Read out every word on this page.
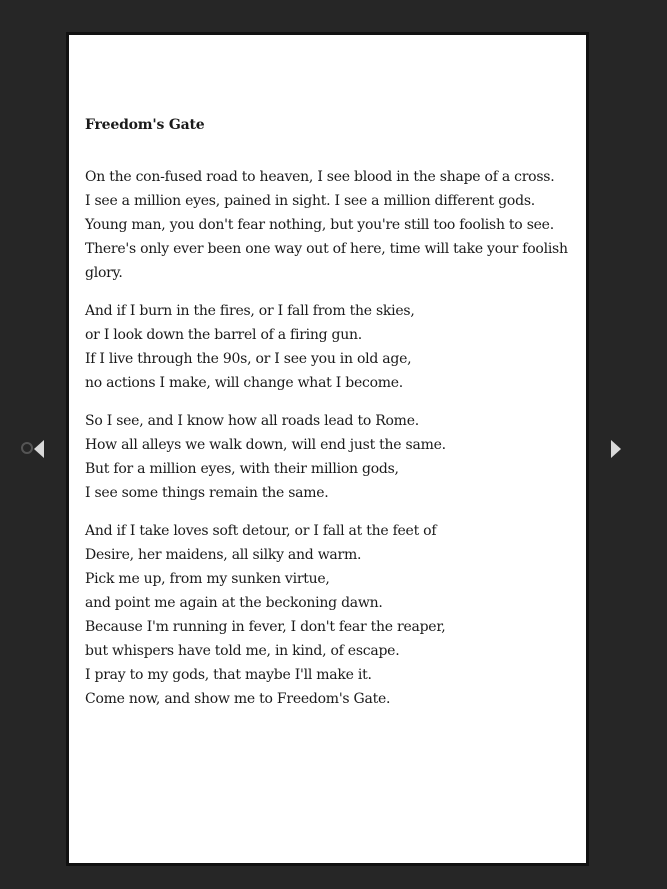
Freedom's Gate
On the con-fused road to heaven, I see blood in the shape of a cross.
I see a million eyes, pained in sight. I see a million different gods.
Young man, you don't fear nothing, but you're still too foolish to see.
There's only ever been one way out of here, time will take your foolish glory.
And if I burn in the fires, or I fall from the skies,
or I look down the barrel of a firing gun.
If I live through the 90s, or I see you in old age,
no actions I make, will change what I become.
So I see, and I know how all roads lead to Rome.
How all alleys we walk down, will end just the same.
But for a million eyes, with their million gods,
I see some things remain the same.
And if I take loves soft detour, or I fall at the feet of
Desire, her maidens, all silky and warm.
Pick me up, from my sunken virtue,
and point me again at the beckoning dawn.
Because I'm running in fever, I don't fear the reaper,
but whispers have told me, in kind, of escape.
I pray to my gods, that maybe I'll make it.
Come now, and show me to Freedom's Gate.
